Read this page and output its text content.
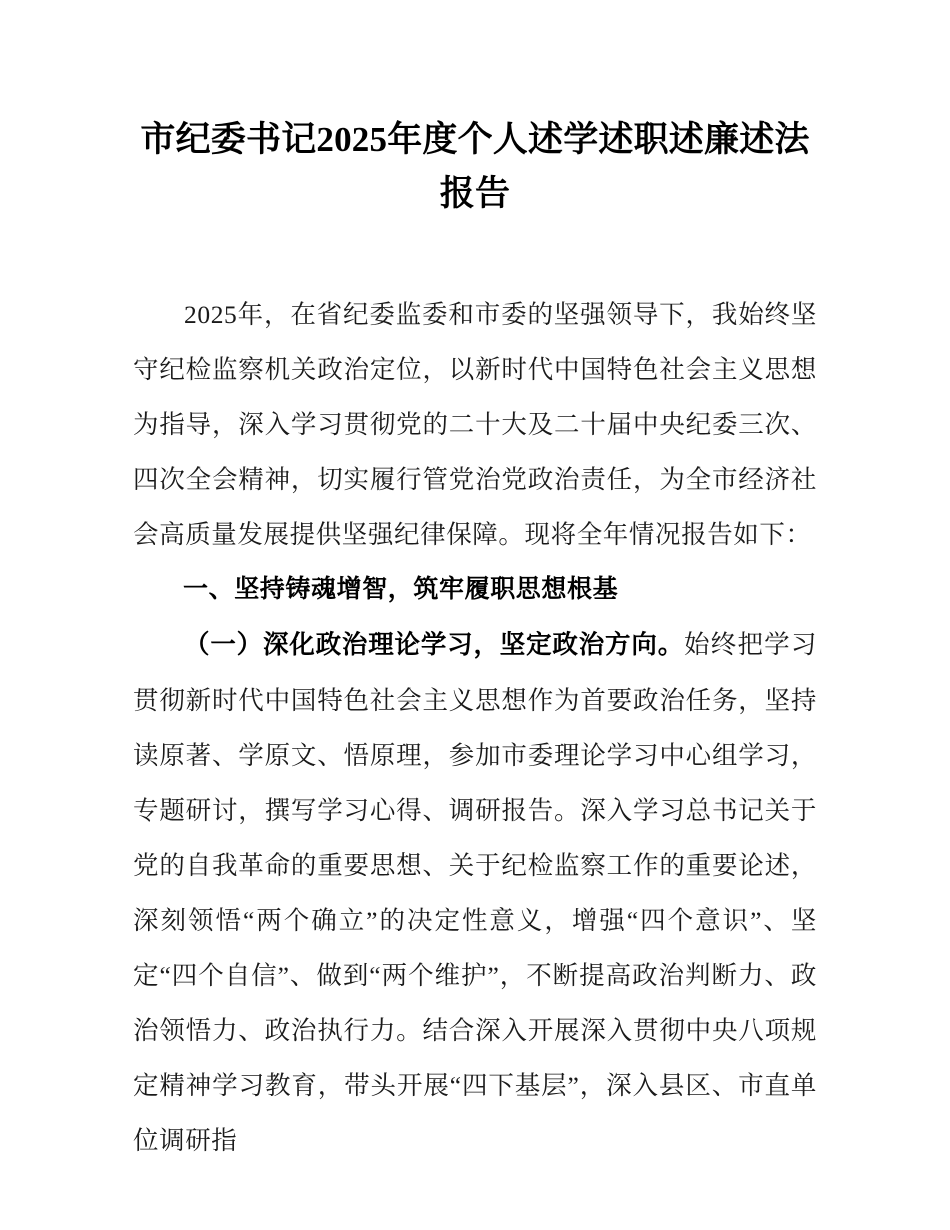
市纪委书记2025年度个人述学述职述廉述法报告

2025年，在省纪委监委和市委的坚强领导下，我始终坚守纪检监察机关政治定位，以新时代中国特色社会主义思想为指导，深入学习贯彻党的二十大及二十届中央纪委三次、四次全会精神，切实履行管党治党政治责任，为全市经济社会高质量发展提供坚强纪律保障。现将全年情况报告如下：

一、坚持铸魂增智，筑牢履职思想根基

（一）深化政治理论学习，坚定政治方向。始终把学习贯彻新时代中国特色社会主义思想作为首要政治任务，坚持读原著、学原文、悟原理，参加市委理论学习中心组学习，专题研讨，撰写学习心得、调研报告。深入学习总书记关于党的自我革命的重要思想、关于纪检监察工作的重要论述，深刻领悟“两个确立”的决定性意义，增强“四个意识”、坚定“四个自信”、做到“两个维护”，不断提高政治判断力、政治领悟力、政治执行力。结合深入开展深入贯彻中央八项规定精神学习教育，带头开展“四下基层”，深入县区、市直单位调研指
